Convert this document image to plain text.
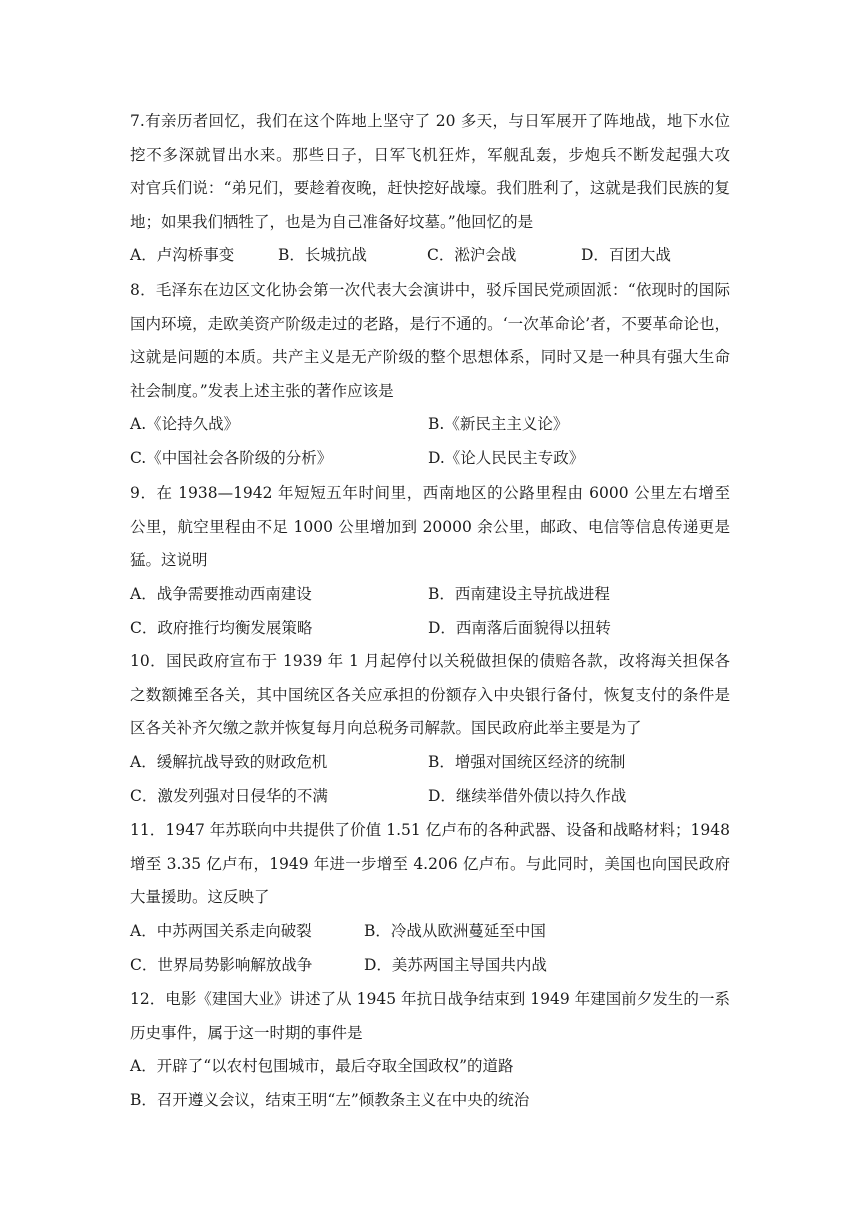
7.有亲历者回忆，我们在这个阵地上坚守了 20 多天，与日军展开了阵地战，地下水位
挖不多深就冒出水来。那些日子，日军飞机狂炸，军舰乱轰，步炮兵不断发起强大攻
对官兵们说：“弟兄们，要趁着夜晚，赶快挖好战壕。我们胜利了，这就是我们民族的复
地；如果我们牺牲了，也是为自己准备好坟墓。”他回忆的是
A．卢沟桥事变	B．长城抗战	C．淞沪会战	D．百团大战
8．毛泽东在边区文化协会第一次代表大会演讲中，驳斥国民党顽固派：“依现时的国际
国内环境，走欧美资产阶级走过的老路，是行不通的。‘一次革命论’者，不要革命论也，
这就是问题的本质。共产主义是无产阶级的整个思想体系，同时又是一种具有强大生命
社会制度。”发表上述主张的著作应该是
A.《论持久战》	B.《新民主主义论》
C.《中国社会各阶级的分析》	D.《论人民民主专政》
9．在 1938—1942 年短短五年时间里，西南地区的公路里程由 6000 公里左右增至
公里，航空里程由不足 1000 公里增加到 20000 余公里，邮政、电信等信息传递更是
猛。这说明
A．战争需要推动西南建设	B．西南建设主导抗战进程
C．政府推行均衡发展策略	D．西南落后面貌得以扭转
10．国民政府宣布于 1939 年 1 月起停付以关税做担保的债赔各款，改将海关担保各
之数额摊至各关，其中国统区各关应承担的份额存入中央银行备付，恢复支付的条件是
区各关补齐欠缴之款并恢复每月向总税务司解款。国民政府此举主要是为了
A．缓解抗战导致的财政危机	B．增强对国统区经济的统制
C．激发列强对日侵华的不满	D．继续举借外债以持久作战
11．1947 年苏联向中共提供了价值 1.51 亿卢布的各种武器、设备和战略材料；1948
增至 3.35 亿卢布，1949 年进一步增至 4.206 亿卢布。与此同时，美国也向国民政府
大量援助。这反映了
A．中苏两国关系走向破裂	B．冷战从欧洲蔓延至中国
C．世界局势影响解放战争	D．美苏两国主导国共内战
12．电影《建国大业》讲述了从 1945 年抗日战争结束到 1949 年建国前夕发生的一系
历史事件，属于这一时期的事件是
A．开辟了“以农村包围城市，最后夺取全国政权”的道路
B．召开遵义会议，结束王明“左”倾教条主义在中央的统治
